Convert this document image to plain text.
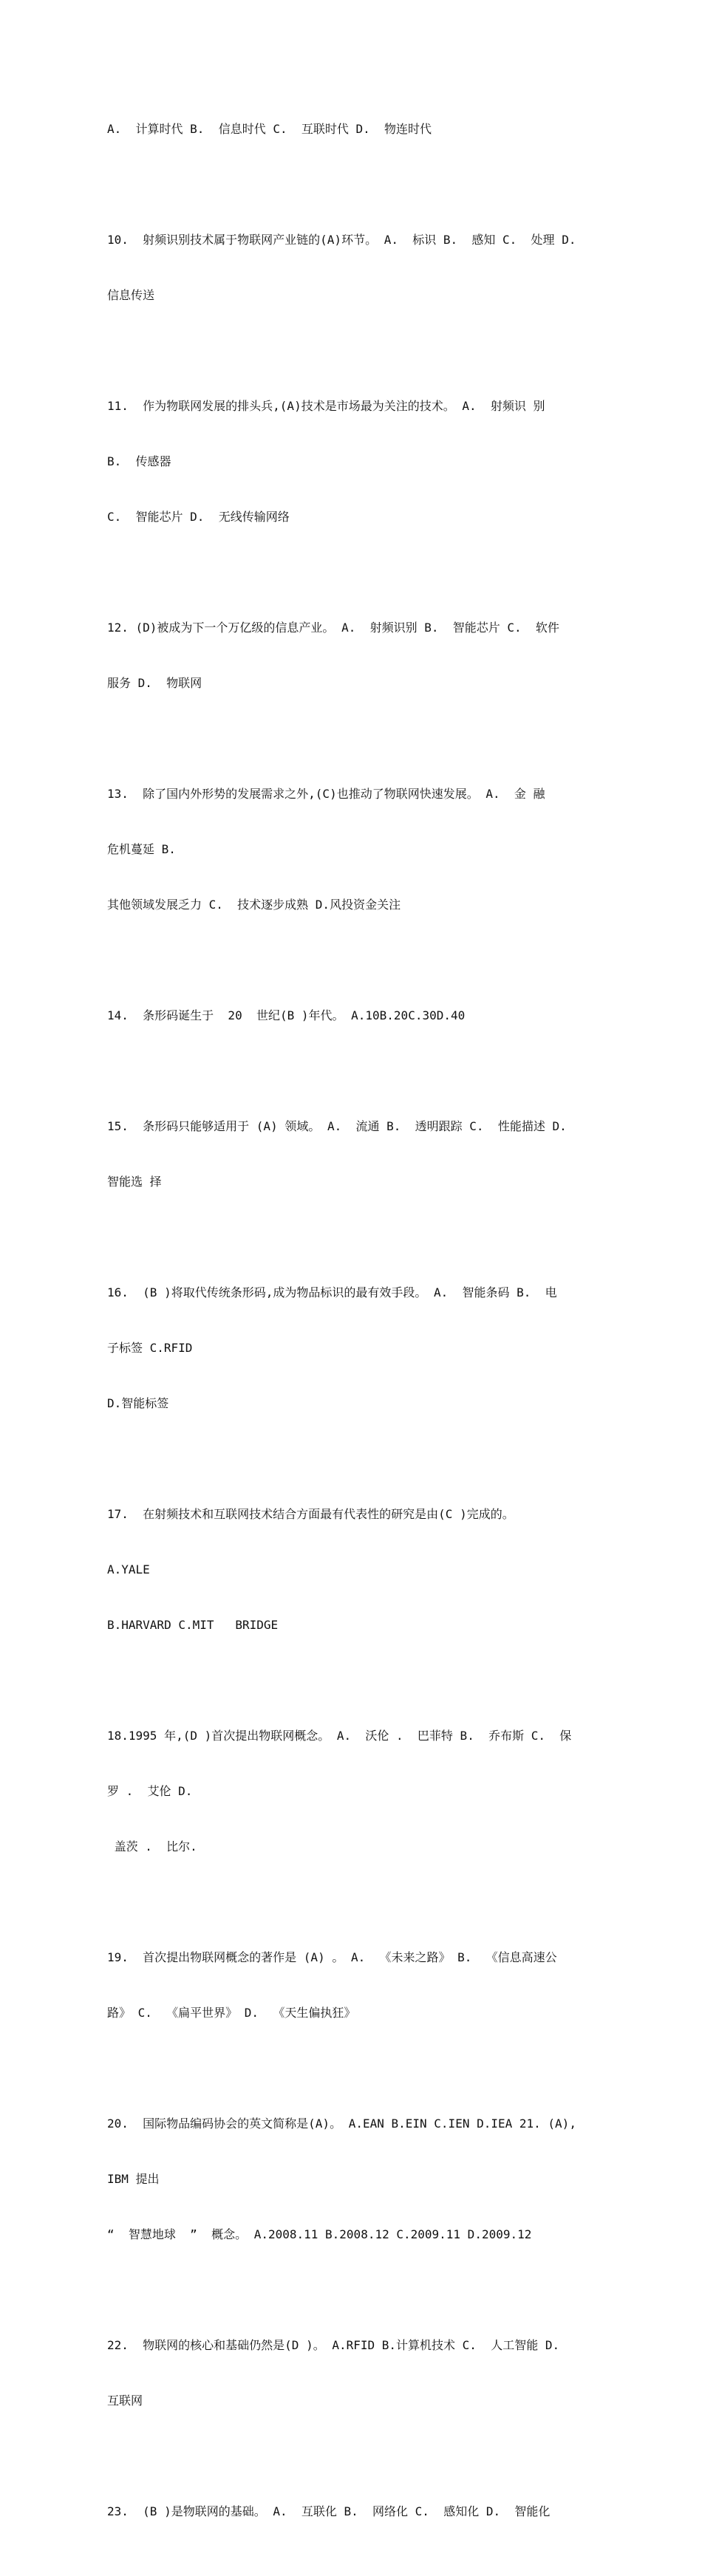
A.  计算时代 B.  信息时代 C.  互联时代 D.  物连时代

10.  射频识别技术属于物联网产业链的(A)环节。 A.  标识 B.  感知 C.  处理 D.

信息传送

11.  作为物联网发展的排头兵,(A)技术是市场最为关注的技术。 A.  射频识 别

B.  传感器

C.  智能芯片 D.  无线传输网络

12. (D)被成为下一个万亿级的信息产业。 A.  射频识别 B.  智能芯片 C.  软件

服务 D.  物联网

13.  除了国内外形势的发展需求之外,(C)也推动了物联网快速发展。 A.  金 融

危机蔓延 B.

其他领域发展乏力 C.  技术逐步成熟 D.风投资金关注

14.  条形码诞生于  20  世纪(B )年代。 A.10B.20C.30D.40

15.  条形码只能够适用于 (A) 领域。 A.  流通 B.  透明跟踪 C.  性能描述 D.

智能选 择

16.  (B )将取代传统条形码,成为物品标识的最有效手段。 A.  智能条码 B.  电

子标签 C.RFID

D.智能标签

17.  在射频技术和互联网技术结合方面最有代表性的研究是由(C )完成的。

A.YALE

B.HARVARD C.MIT   BRIDGE

18.1995 年,(D )首次提出物联网概念。 A.  沃伦 .  巴菲特 B.  乔布斯 C.  保

罗 .  艾伦 D.

盖茨 .  比尔.

19.  首次提出物联网概念的著作是 (A) 。 A.  《未来之路》 B.  《信息高速公

路》 C.  《扁平世界》 D.  《天生偏执狂》

20.  国际物品编码协会的英文简称是(A)。 A.EAN B.EIN C.IEN D.IEA 21. (A),

IBM 提出

“  智慧地球  ”  概念。 A.2008.11 B.2008.12 C.2009.11 D.2009.12

22.  物联网的核心和基础仍然是(D )。 A.RFID B.计算机技术 C.  人工智能 D.

互联网

23.  (B )是物联网的基础。 A.  互联化 B.  网络化 C.  感知化 D.  智能化
